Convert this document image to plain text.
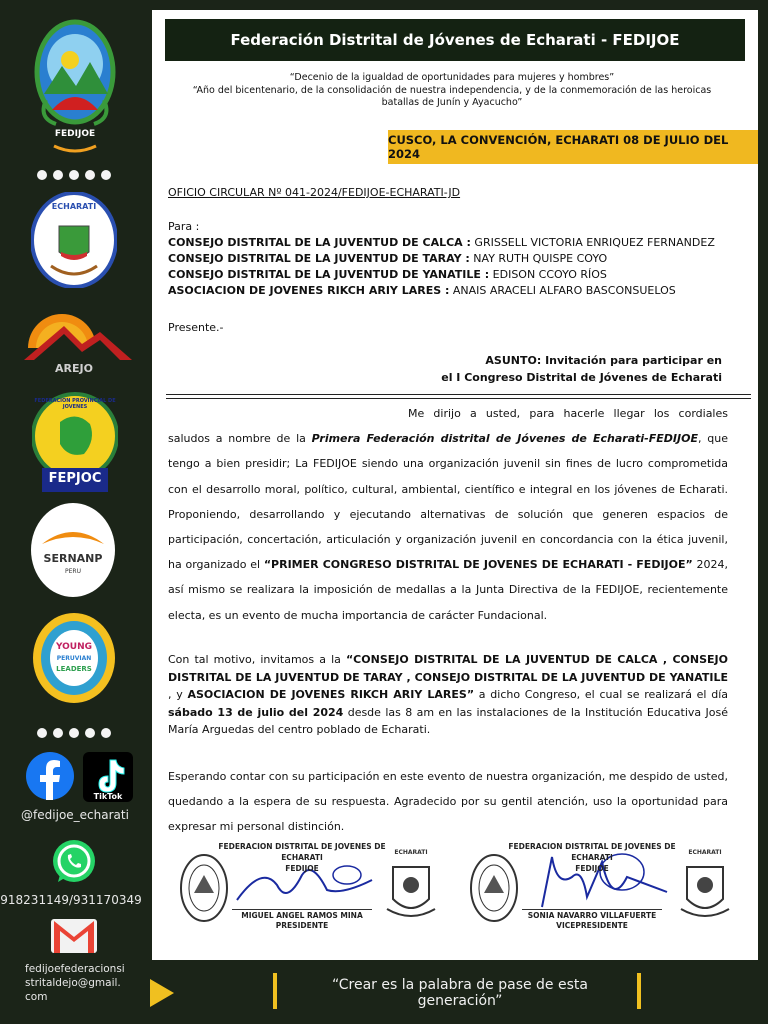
FEDIJOE
ECHARATI
AREJO
FEDERACION PROVINCIAL DE JOVENES
FEPJOC
SERNANP
PERU
YOUNG
PERUVIAN
LEADERS
TikTok
@fedijoe_echarati
918231149/931170349
fedijoefederacionsi
stritaldejo@gmail.
com
Federación Distrital de Jóvenes de Echarati - FEDIJOE
“Decenio de la igualdad de oportunidades para mujeres y hombres”
“Año del bicentenario, de la consolidación de nuestra independencia, y de la conmemoración de las heroicas
batallas de Junín y Ayacucho”
CUSCO, LA CONVENCIÓN, ECHARATI 08 DE JULIO DEL 2024
OFICIO CIRCULAR Nº 041-2024/FEDIJOE-ECHARATI-JD
Para :
CONSEJO DISTRITAL DE LA JUVENTUD DE CALCA : GRISSELL VICTORIA ENRIQUEZ FERNANDEZ
CONSEJO DISTRITAL DE LA JUVENTUD DE TARAY : NAY RUTH QUISPE COYO
CONSEJO DISTRITAL DE LA JUVENTUD DE YANATILE : EDISON CCOYO RÍOS
ASOCIACION DE JOVENES RIKCH ARIY LARES : ANAIS ARACELI ALFARO BASCONSUELOS
Presente.-
ASUNTO: Invitación para participar en
el I Congreso Distrital de Jóvenes de Echarati
Me dirijo a usted, para hacerle llegar los cordiales saludos a nombre de la Primera Federación distrital de Jóvenes de Echarati-FEDIJOE, que tengo a bien presidir; La FEDIJOE siendo una organización juvenil sin fines de lucro comprometida con el desarrollo moral, político, cultural, ambiental, científico e integral en los jóvenes de Echarati. Proponiendo, desarrollando y ejecutando alternativas de solución que generen espacios de participación, concertación, articulación y organización juvenil en concordancia con la ética juvenil, ha organizado el “PRIMER CONGRESO DISTRITAL DE JOVENES DE ECHARATI - FEDIJOE” 2024, así mismo se realizara la imposición de medallas a la Junta Directiva de la FEDIJOE, recientemente electa, es un evento de mucha importancia de carácter Fundacional.
Con tal motivo, invitamos a la “CONSEJO DISTRITAL DE LA JUVENTUD DE CALCA , CONSEJO DISTRITAL DE LA JUVENTUD DE TARAY , CONSEJO DISTRITAL DE LA JUVENTUD DE YANATILE , y ASOCIACION DE JOVENES RIKCH ARIY LARES” a dicho Congreso, el cual se realizará el día sábado 13 de julio del 2024 desde las 8 am en las instalaciones de la Institución Educativa José María Arguedas del centro poblado de Echarati.
Esperando contar con su participación en este evento de nuestra organización, me despido de usted, quedando a la espera de su respuesta. Agradecido por su gentil atención, uso la oportunidad para expresar mi personal distinción.
ECHARATI
FEDERACION DISTRITAL DE JOVENES DE ECHARATI
FEDIJOE
MIGUEL ANGEL RAMOS MINA
PRESIDENTE
ECHARATI
FEDERACION DISTRITAL DE JOVENES DE ECHARATI
FEDIJOE
SONIA NAVARRO VILLAFUERTE
VICEPRESIDENTE
“Crear es la palabra de pase de esta generación”
